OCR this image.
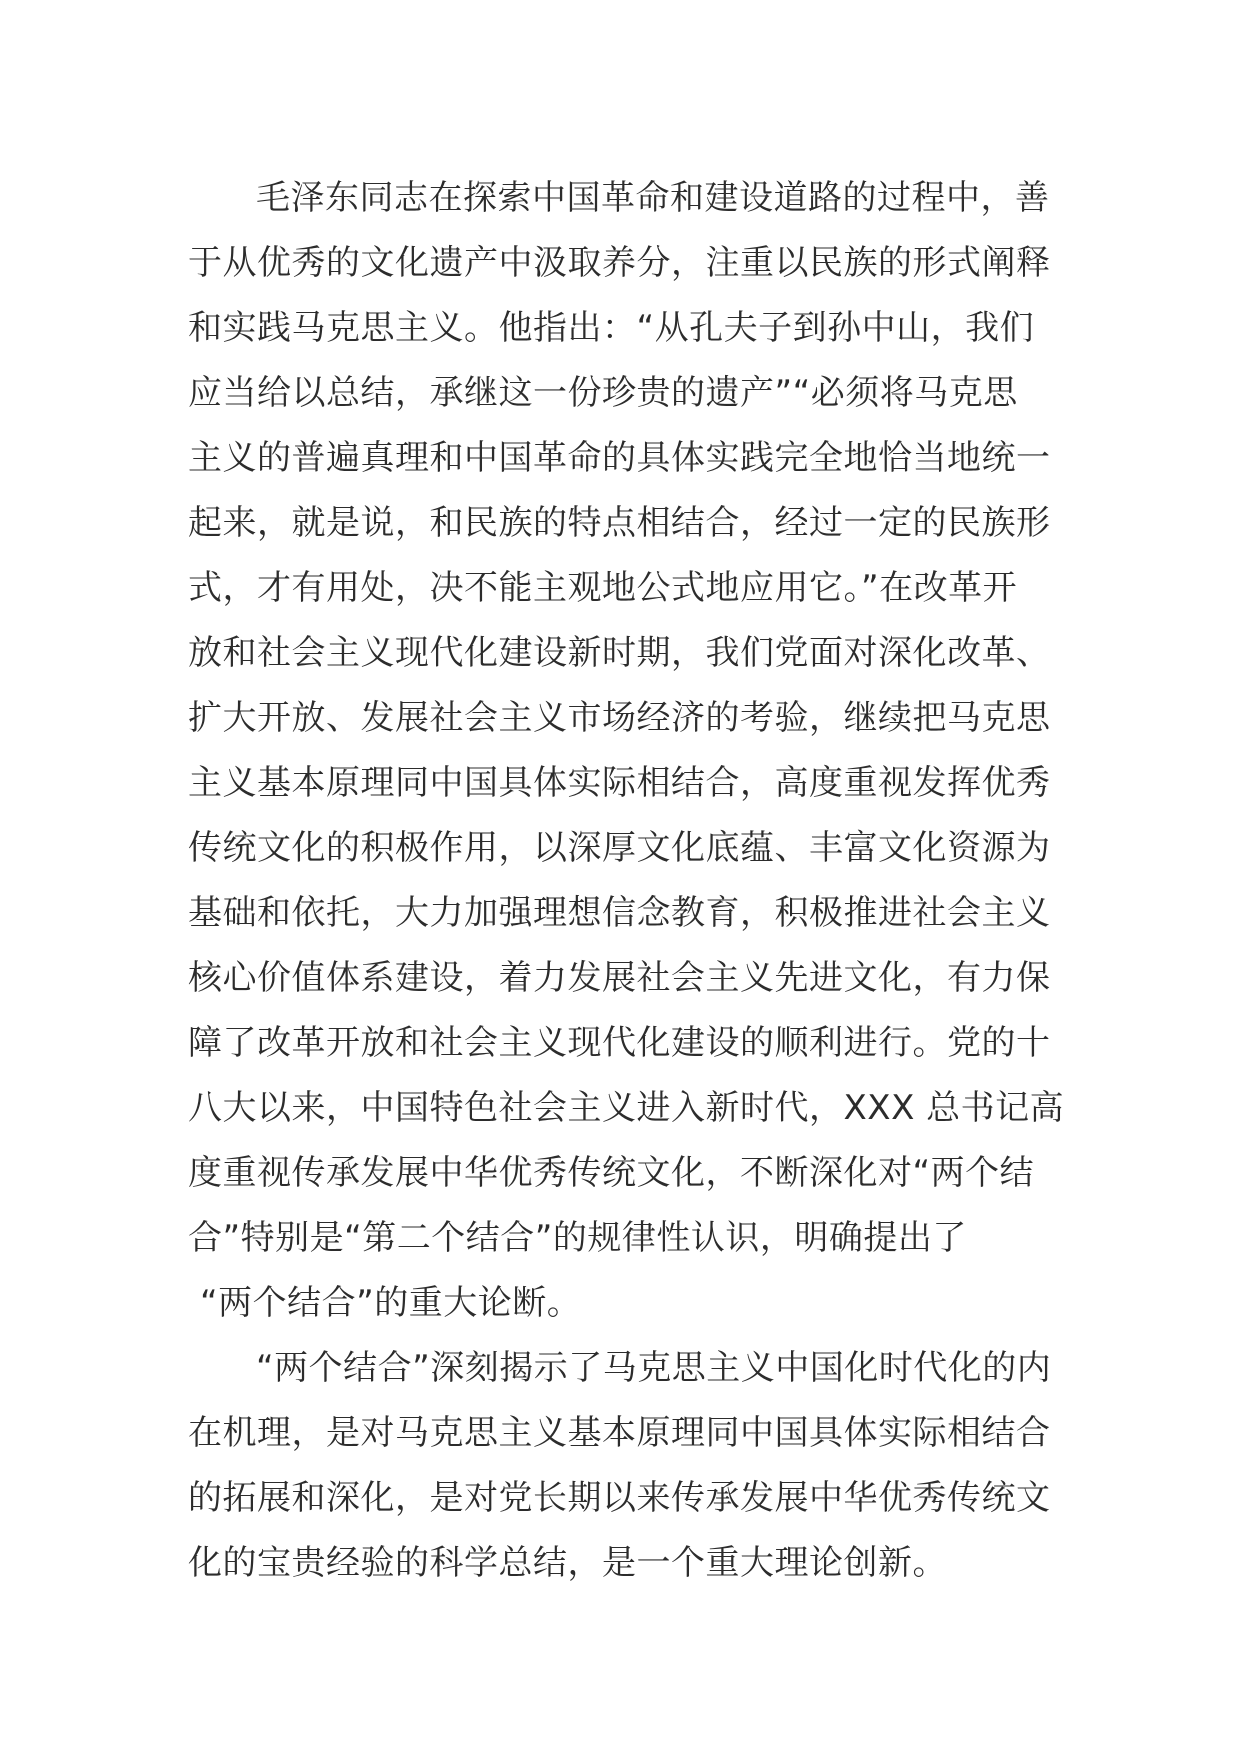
毛泽东同志在探索中国革命和建设道路的过程中，善
于从优秀的文化遗产中汲取养分，注重以民族的形式阐释
和实践马克思主义。他指出：“从孔夫子到孙中山，我们
应当给以总结，承继这一份珍贵的遗产”“必须将马克思
主义的普遍真理和中国革命的具体实践完全地恰当地统一
起来，就是说，和民族的特点相结合，经过一定的民族形
式，才有用处，决不能主观地公式地应用它。”在改革开
放和社会主义现代化建设新时期，我们党面对深化改革、
扩大开放、发展社会主义市场经济的考验，继续把马克思
主义基本原理同中国具体实际相结合，高度重视发挥优秀
传统文化的积极作用，以深厚文化底蕴、丰富文化资源为
基础和依托，大力加强理想信念教育，积极推进社会主义
核心价值体系建设，着力发展社会主义先进文化，有力保
障了改革开放和社会主义现代化建设的顺利进行。党的十
八大以来，中国特色社会主义进入新时代，XXX 总书记高
度重视传承发展中华优秀传统文化，不断深化对“两个结
合”特别是“第二个结合”的规律性认识，明确提出了
“两个结合”的重大论断。
“两个结合”深刻揭示了马克思主义中国化时代化的内
在机理，是对马克思主义基本原理同中国具体实际相结合
的拓展和深化，是对党长期以来传承发展中华优秀传统文
化的宝贵经验的科学总结，是一个重大理论创新。
